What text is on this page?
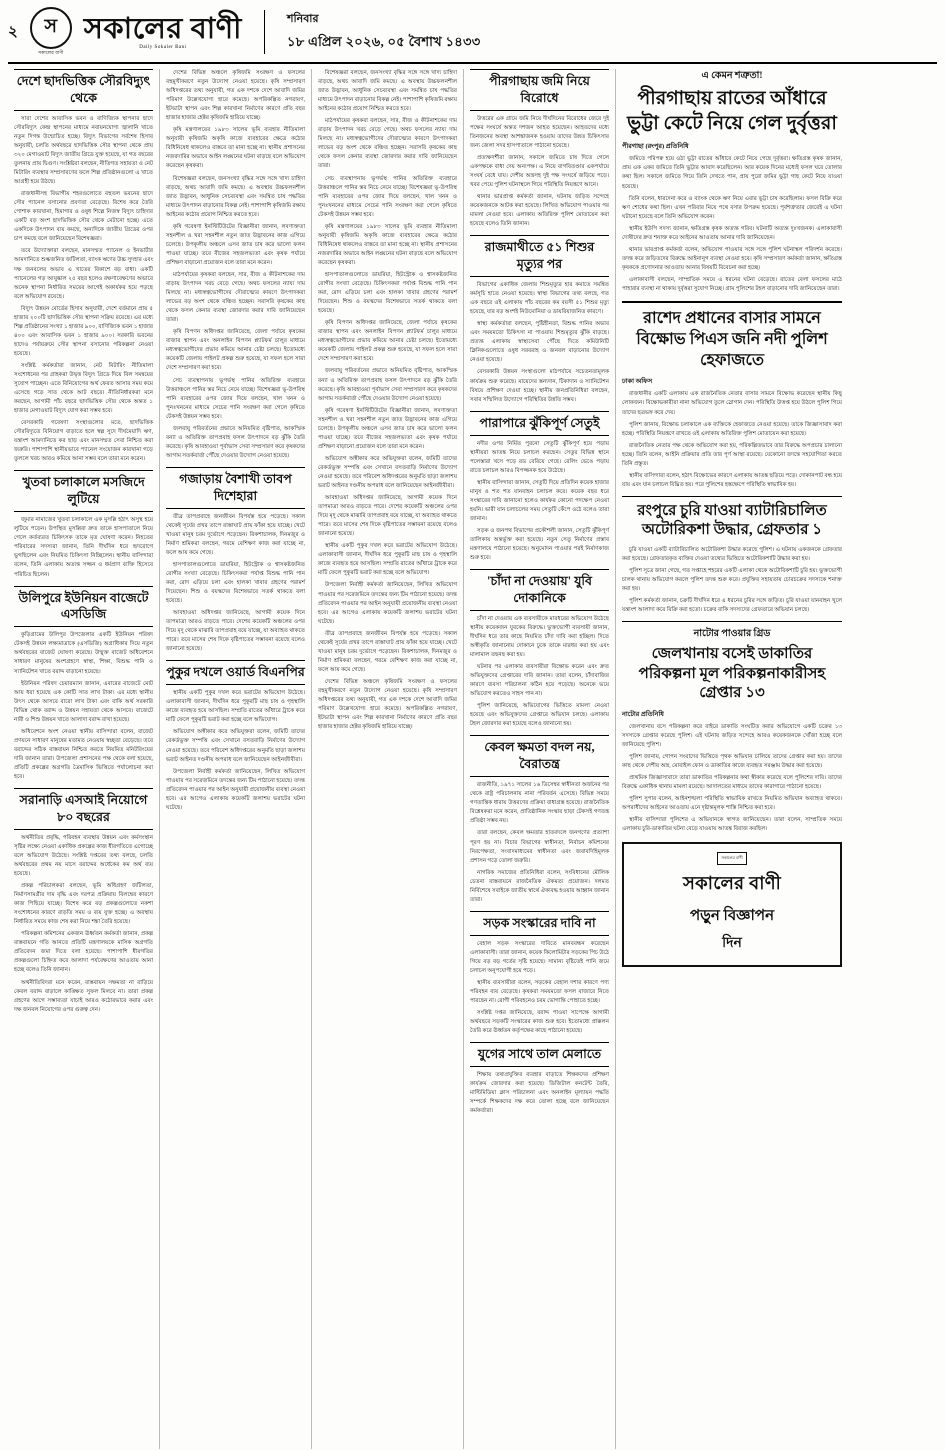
২	স
সকালের বাণী
সকালের বাণী
Daily Sokaler Bani
শনিবার
১৮ এপ্রিল ২০২৬, ০৫ বৈশাখ ১৪৩৩
দেশে ছাদভিত্তিক সৌরবিদ্যুৎ থেকে

সারা দেশের আবাসিক ভবন ও বাণিজ্যিক স্থাপনার ছাদে সৌরবিদ্যুৎ কেন্দ্র স্থাপনের মাধ্যমে নবায়নযোগ্য জ্বালানি খাতে নতুন দিগন্ত উন্মোচিত হচ্ছে। বিদ্যুৎ বিভাগের সর্বশেষ হিসাব অনুযায়ী, চলতি অর্থবছরে ছাদভিত্তিক সৌর স্থাপনা থেকে প্রায় ৩২০ মেগাওয়াট বিদ্যুৎ জাতীয় গ্রিডে যুক্ত হয়েছে, যা গত বছরের তুলনায় প্রায় দ্বিগুণ। সংশ্লিষ্টরা বলছেন, নীতিগত সহায়তা ও নেট মিটারিং ব্যবস্থার সম্প্রসারণের ফলে শিল্প প্রতিষ্ঠানগুলো এ খাতে আগ্রহী হয়ে উঠছে।

রাজধানীসহ বিভাগীয় শহরগুলোতে বহুতল ভবনের ছাদে সৌর প্যানেল বসানোর প্রবণতা বেড়েছে। বিশেষ করে তৈরি পোশাক কারখানা, হিমাগার ও ওষুধ শিল্পে নিজস্ব বিদ্যুৎ চাহিদার একটি বড় অংশ ছাদভিত্তিক সৌর থেকে মেটানো হচ্ছে। এতে একদিকে উৎপাদন ব্যয় কমছে, অন্যদিকে জাতীয় গ্রিডের ওপর চাপ কমছে বলে জানিয়েছেন বিশেষজ্ঞরা।

তবে উদ্যোক্তারা বলছেন, মানসম্মত প্যানেল ও ইনভার্টার আমদানিতে শুল্কজনিত জটিলতা, ব্যাংক ঋণের উচ্চ সুদহার এবং দক্ষ জনবলের অভাব এ খাতের বিকাশে বড় বাধা। একটি প্যানেলের গড় আয়ুষ্কাল ২৫ বছর হলেও রক্ষণাবেক্ষণের অভাবে অনেক স্থাপনা নির্ধারিত সময়ের আগেই অকার্যকর হয়ে পড়ছে বলে অভিযোগ রয়েছে।

বিদ্যুৎ উন্নয়ন বোর্ডের হিসাব অনুযায়ী, দেশে বর্তমানে প্রায় ৫ হাজার ২০০টি ছাদভিত্তিক সৌর স্থাপনা সক্রিয় রয়েছে। এর মধ্যে শিল্প প্রতিষ্ঠানের সংখ্যা ১ হাজার ৯০০, বাণিজ্যিক ভবন ১ হাজার ৪০০ এবং আবাসিক ভবন ১ হাজার ৯০০। সরকারি ভবনের ছাদেও পর্যায়ক্রমে সৌর স্থাপনা বসানোর পরিকল্পনা নেওয়া হয়েছে।

সংশ্লিষ্ট কর্মকর্তারা জানান, নেট মিটারিং নীতিমালা সংশোধনের পর গ্রাহকরা উদ্বৃত্ত বিদ্যুৎ গ্রিডে দিয়ে বিল সমন্বয়ের সুযোগ পাচ্ছেন। এতে বিনিয়োগের অর্থ ফেরত আসার সময় কমে এসেছে গড়ে সাত থেকে আট বছরে। নীতিনির্ধারকরা মনে করছেন, আগামী পাঁচ বছরে ছাদভিত্তিক সৌর থেকে অন্তত ১ হাজার মেগাওয়াট বিদ্যুৎ যোগ করা সম্ভব হবে।

বেসরকারি গবেষণা সংস্থাগুলোর মতে, ছাদভিত্তিক সৌরবিদ্যুতে বিনিয়োগ বাড়াতে হলে স্বল্প সুদে দীর্ঘমেয়াদি ঋণ, যন্ত্রাংশ আমদানিতে কর ছাড় এবং মানসম্মত সেবা নিশ্চিত করা জরুরি। পাশাপাশি স্থানীয়ভাবে প্যানেল সংযোজন কারখানা গড়ে তুললে খরচ আরও কমিয়ে আনা সম্ভব বলে তারা মনে করেন।

খুতবা চলাকালে মসজিদে লুটিয়ে

জুমার নামাজের খুতবা চলাকালে এক মুসল্লি হঠাৎ অসুস্থ হয়ে লুটিয়ে পড়েন। উপস্থিত মুসল্লিরা দ্রুত তাকে হাসপাতালে নিয়ে গেলে কর্তব্যরত চিকিৎসক তাকে মৃত ঘোষণা করেন। নিহতের পরিবারের সদস্যরা জানান, তিনি দীর্ঘদিন ধরে হৃদরোগে ভুগছিলেন এবং নিয়মিত চিকিৎসা নিচ্ছিলেন। স্থানীয় বাসিন্দারা বলেন, তিনি এলাকায় অত্যন্ত সজ্জন ও ধর্মপ্রাণ ব্যক্তি হিসেবে পরিচিত ছিলেন।

উলিপুরে ইউনিয়ন বাজেটে এসডিজি

কুড়িগ্রামের উলিপুর উপজেলার একটি ইউনিয়ন পরিষদ টেকসই উন্নয়ন লক্ষ্যমাত্রাকে (এসডিজি) অগ্রাধিকার দিয়ে নতুন অর্থবছরের বাজেট ঘোষণা করেছে। উন্মুক্ত বাজেট অধিবেশনে সাধারণ মানুষের অংশগ্রহণে স্বাস্থ্য, শিক্ষা, বিশুদ্ধ পানি ও স্যানিটেশন খাতে বরাদ্দ বাড়ানো হয়েছে।

ইউনিয়ন পরিষদ চেয়ারম্যান জানান, এবারের বাজেটে মোট আয় ধরা হয়েছে এক কোটি সাত লাখ টাকা। এর মধ্যে স্থানীয় উৎস থেকে আসবে বারো লাখ টাকা এবং বাকি অর্থ সরকারি বিভিন্ন থোক বরাদ্দ ও উন্নয়ন সহায়তা থেকে আসবে। বাজেটে নারী ও শিশু উন্নয়ন খাতে আলাদা বরাদ্দ রাখা হয়েছে।

অধিবেশনে অংশ নেওয়া স্থানীয় বাসিন্দারা বলেন, বাজেট প্রণয়নে সাধারণ মানুষের মতামত নেওয়ায় স্বচ্ছতা বেড়েছে। তবে বরাদ্দের সঠিক বাস্তবায়ন নিশ্চিত করতে নিয়মিত মনিটরিংয়ের দাবি জানান তারা। উপজেলা প্রশাসনের পক্ষ থেকে বলা হয়েছে, প্রতিটি প্রকল্পের অগ্রগতি ত্রৈমাসিক ভিত্তিতে পর্যালোচনা করা হবে।

সরানাড়ি এসআই নিয়োগে ৮০ বছরের

অর্থনীতির প্রবৃদ্ধি, পরিবহন ব্যবস্থার উন্নয়ন এবং কর্মসংস্থান সৃষ্টির লক্ষ্যে নেওয়া একাধিক প্রকল্পের কাজ ধীরগতিতে এগোচ্ছে বলে অভিযোগ উঠেছে। সংশ্লিষ্ট দপ্তরের তথ্য বলছে, চলতি অর্থবছরের প্রথম নয় মাসে বরাদ্দের অর্ধেকের কম অর্থ ব্যয় হয়েছে।

প্রকল্প পরিচালকরা বলছেন, ভূমি অধিগ্রহণ জটিলতা, নির্মাণসামগ্রীর দাম বৃদ্ধি এবং দরপত্র প্রক্রিয়ায় বিলম্বের কারণে কাজ পিছিয়ে যাচ্ছে। বিশেষ করে বড় প্রকল্পগুলোতে নকশা সংশোধনের কারণে বাড়তি সময় ও ব্যয় যুক্ত হচ্ছে। এ অবস্থায় নির্ধারিত সময়ে কাজ শেষ করা নিয়ে শঙ্কা তৈরি হয়েছে।

পরিকল্পনা কমিশনের একজন ঊর্ধ্বতন কর্মকর্তা জানান, প্রকল্প বাস্তবায়নে গতি আনতে প্রতিটি মন্ত্রণালয়কে মাসিক অগ্রগতি প্রতিবেদন জমা দিতে বলা হয়েছে। পাশাপাশি ধীরগতির প্রকল্পগুলো চিহ্নিত করে আলাদা পর্যবেক্ষণের আওতায় আনা হচ্ছে বলেও তিনি জানান।

অর্থনীতিবিদরা মনে করেন, বাস্তবায়ন সক্ষমতা না বাড়িয়ে কেবল বরাদ্দ বাড়ালে কাঙ্ক্ষিত সুফল মিলবে না। তারা প্রকল্প গ্রহণের আগে সম্ভাব্যতা যাচাই আরও কঠোরভাবে করার এবং দক্ষ জনবল নিয়োগের ওপর গুরুত্ব দেন।

দেশের বিভিন্ন অঞ্চলে কৃষিজমি সংরক্ষণ ও ফসলের বহুমুখীকরণে নতুন উদ্যোগ নেওয়া হয়েছে। কৃষি সম্প্রসারণ অধিদপ্তরের তথ্য অনুযায়ী, গত এক দশকে দেশে আবাদি জমির পরিমাণ উল্লেখযোগ্য হারে কমেছে। অপরিকল্পিত নগরায়ণ, ইটভাটা স্থাপন এবং শিল্প কারখানা নির্মাণের কারণে প্রতি বছর হাজার হাজার হেক্টর কৃষিজমি হারিয়ে যাচ্ছে।

কৃষি মন্ত্রণালয়ের ১৯৮৩ সালের ভূমি ব্যবহার নীতিমালা অনুযায়ী কৃষিজমি অকৃষি কাজে ব্যবহারের ক্ষেত্রে কঠোর বিধিনিষেধ থাকলেও বাস্তবে তা মানা হচ্ছে না। স্থানীয় প্রশাসনের নজরদারির অভাবে আইন লঙ্ঘনের ঘটনা বাড়ছে বলে অভিযোগ করেছেন কৃষকরা।

বিশেষজ্ঞরা বলছেন, জনসংখ্যা বৃদ্ধির সঙ্গে সঙ্গে খাদ্য চাহিদা বাড়ছে, অথচ আবাদি জমি কমছে। এ অবস্থায় উচ্চফলনশীল জাত উদ্ভাবন, আধুনিক সেচব্যবস্থা এবং সমন্বিত চাষ পদ্ধতির মাধ্যমে উৎপাদন বাড়ানোর বিকল্প নেই। পাশাপাশি কৃষিজমি রক্ষায় আইনের কঠোর প্রয়োগ নিশ্চিত করতে হবে।

কৃষি গবেষণা ইনস্টিটিউটের বিজ্ঞানীরা জানান, লবণাক্ততা সহনশীল ও খরা সহনশীল নতুন জাত উদ্ভাবনের কাজ এগিয়ে চলেছে। উপকূলীয় অঞ্চলে এসব জাত চাষ করে ভালো ফলন পাওয়া যাচ্ছে। তবে বীজের সহজলভ্যতা এবং কৃষক পর্যায়ে প্রশিক্ষণ বাড়ানো প্রয়োজন বলে তারা মনে করেন।

মাঠপর্যায়ের কৃষকরা বলছেন, সার, বীজ ও কীটনাশকের দাম বাড়ায় উৎপাদন খরচ বেড়ে গেছে। অথচ ফসলের ন্যায্য দাম মিলছে না। মধ্যস্বত্বভোগীদের দৌরাত্ম্যের কারণে উৎপাদকরা লাভের বড় অংশ থেকে বঞ্চিত হচ্ছেন। সরাসরি কৃষকের কাছ থেকে ফসল কেনার ব্যবস্থা জোরদার করার দাবি জানিয়েছেন তারা।

কৃষি বিপণন অধিদপ্তর জানিয়েছে, জেলা পর্যায়ে কৃষকের বাজার স্থাপন এবং অনলাইন বিপণন প্ল্যাটফর্ম চালুর মাধ্যমে মধ্যস্বত্বভোগীদের প্রভাব কমিয়ে আনার চেষ্টা চলছে। ইতোমধ্যে কয়েকটি জেলায় পাইলট প্রকল্প শুরু হয়েছে, যা সফল হলে সারা দেশে সম্প্রসারণ করা হবে।

সেচ ব্যবস্থাপনায় ভূগর্ভস্থ পানির অতিরিক্ত ব্যবহারে উত্তরাঞ্চলে পানির স্তর নিচে নেমে যাচ্ছে। বিশেষজ্ঞরা ভূ-উপরিস্থ পানি ব্যবহারের ওপর জোর দিয়ে বলছেন, খাল খনন ও পুনঃখননের মাধ্যমে সেচের পানি সংরক্ষণ করা গেলে কৃষিতে টেকসই উন্নয়ন সম্ভব হবে।

জলবায়ু পরিবর্তনের প্রভাবে অনিয়মিত বৃষ্টিপাত, আকস্মিক বন্যা ও অতিরিক্ত তাপপ্রবাহ ফসল উৎপাদনে বড় ঝুঁকি তৈরি করেছে। কৃষি আবহাওয়া পূর্বাভাস সেবা সম্প্রসারণ করে কৃষকদের আগাম সতর্কবার্তা পৌঁছে দেওয়ার উদ্যোগ নেওয়া হয়েছে।

গজাড়ায় বৈশাখী তাবপ দিশেহারা

তীব্র তাপপ্রবাহে জনজীবন বিপর্যস্ত হয়ে পড়েছে। সকাল থেকেই সূর্যের প্রখর তাপে রাস্তাঘাট প্রায় ফাঁকা হয়ে যাচ্ছে। খেটে খাওয়া মানুষ চরম দুর্ভোগে পড়েছেন। রিকশাচালক, দিনমজুর ও নির্মাণ শ্রমিকরা বলছেন, গরমে বেশিক্ষণ কাজ করা যাচ্ছে না, ফলে আয় কমে গেছে।

হাসপাতালগুলোতে ডায়রিয়া, হিটস্ট্রোক ও শ্বাসকষ্টজনিত রোগীর সংখ্যা বেড়েছে। চিকিৎসকরা পর্যাপ্ত বিশুদ্ধ পানি পান করা, রোদ এড়িয়ে চলা এবং হালকা খাবার গ্রহণের পরামর্শ দিয়েছেন। শিশু ও বয়স্কদের বিশেষভাবে সতর্ক থাকতে বলা হয়েছে।

আবহাওয়া অধিদপ্তর জানিয়েছে, আগামী কয়েক দিনে তাপমাত্রা আরও বাড়তে পারে। দেশের কয়েকটি অঞ্চলের ওপর দিয়ে মৃদু থেকে মাঝারি তাপপ্রবাহ বয়ে যাচ্ছে, যা অব্যাহত থাকতে পারে। তবে মাসের শেষ দিকে বৃষ্টিপাতের সম্ভাবনা রয়েছে বলেও জানানো হয়েছে।

পুকুর দখলে ওয়ার্ড বিএনপির

স্থানীয় একটি পুকুর দখল করে ভরাটের অভিযোগ উঠেছে। এলাকাবাসী জানান, দীর্ঘদিন ধরে পুকুরটি মাছ চাষ ও গৃহস্থালি কাজে ব্যবহৃত হয়ে আসছিল। সম্প্রতি রাতের আঁধারে ট্রাকে করে মাটি ফেলে পুকুরটি ভরাট করা হচ্ছে বলে অভিযোগ।

অভিযোগ অস্বীকার করে অভিযুক্তরা বলেন, জমিটি তাদের রেকর্ডভুক্ত সম্পত্তি এবং সেখানে বসতবাড়ি নির্মাণের উদ্যোগ নেওয়া হয়েছে। তবে পরিবেশ অধিদপ্তরের অনুমতি ছাড়া জলাশয় ভরাট আইনত দণ্ডনীয় অপরাধ বলে জানিয়েছেন আইনজীবীরা।

উপজেলা নির্বাহী কর্মকর্তা জানিয়েছেন, লিখিত অভিযোগ পাওয়ার পর সরেজমিনে তদন্তের জন্য টিম পাঠানো হয়েছে। তদন্ত প্রতিবেদন পাওয়ার পর আইন অনুযায়ী প্রয়োজনীয় ব্যবস্থা নেওয়া হবে। এর আগেও এলাকায় কয়েকটি জলাশয় ভরাটের ঘটনা ঘটেছে।

বিশেষজ্ঞরা বলছেন, জনসংখ্যা বৃদ্ধির সঙ্গে সঙ্গে খাদ্য চাহিদা বাড়ছে, অথচ আবাদি জমি কমছে। এ অবস্থায় উচ্চফলনশীল জাত উদ্ভাবন, আধুনিক সেচব্যবস্থা এবং সমন্বিত চাষ পদ্ধতির মাধ্যমে উৎপাদন বাড়ানোর বিকল্প নেই। পাশাপাশি কৃষিজমি রক্ষায় আইনের কঠোর প্রয়োগ নিশ্চিত করতে হবে।

মাঠপর্যায়ের কৃষকরা বলছেন, সার, বীজ ও কীটনাশকের দাম বাড়ায় উৎপাদন খরচ বেড়ে গেছে। অথচ ফসলের ন্যায্য দাম মিলছে না। মধ্যস্বত্বভোগীদের দৌরাত্ম্যের কারণে উৎপাদকরা লাভের বড় অংশ থেকে বঞ্চিত হচ্ছেন। সরাসরি কৃষকের কাছ থেকে ফসল কেনার ব্যবস্থা জোরদার করার দাবি জানিয়েছেন তারা।

সেচ ব্যবস্থাপনায় ভূগর্ভস্থ পানির অতিরিক্ত ব্যবহারে উত্তরাঞ্চলে পানির স্তর নিচে নেমে যাচ্ছে। বিশেষজ্ঞরা ভূ-উপরিস্থ পানি ব্যবহারের ওপর জোর দিয়ে বলছেন, খাল খনন ও পুনঃখননের মাধ্যমে সেচের পানি সংরক্ষণ করা গেলে কৃষিতে টেকসই উন্নয়ন সম্ভব হবে।

কৃষি মন্ত্রণালয়ের ১৯৮৩ সালের ভূমি ব্যবহার নীতিমালা অনুযায়ী কৃষিজমি অকৃষি কাজে ব্যবহারের ক্ষেত্রে কঠোর বিধিনিষেধ থাকলেও বাস্তবে তা মানা হচ্ছে না। স্থানীয় প্রশাসনের নজরদারির অভাবে আইন লঙ্ঘনের ঘটনা বাড়ছে বলে অভিযোগ করেছেন কৃষকরা।

হাসপাতালগুলোতে ডায়রিয়া, হিটস্ট্রোক ও শ্বাসকষ্টজনিত রোগীর সংখ্যা বেড়েছে। চিকিৎসকরা পর্যাপ্ত বিশুদ্ধ পানি পান করা, রোদ এড়িয়ে চলা এবং হালকা খাবার গ্রহণের পরামর্শ দিয়েছেন। শিশু ও বয়স্কদের বিশেষভাবে সতর্ক থাকতে বলা হয়েছে।

কৃষি বিপণন অধিদপ্তর জানিয়েছে, জেলা পর্যায়ে কৃষকের বাজার স্থাপন এবং অনলাইন বিপণন প্ল্যাটফর্ম চালুর মাধ্যমে মধ্যস্বত্বভোগীদের প্রভাব কমিয়ে আনার চেষ্টা চলছে। ইতোমধ্যে কয়েকটি জেলায় পাইলট প্রকল্প শুরু হয়েছে, যা সফল হলে সারা দেশে সম্প্রসারণ করা হবে।

জলবায়ু পরিবর্তনের প্রভাবে অনিয়মিত বৃষ্টিপাত, আকস্মিক বন্যা ও অতিরিক্ত তাপপ্রবাহ ফসল উৎপাদনে বড় ঝুঁকি তৈরি করেছে। কৃষি আবহাওয়া পূর্বাভাস সেবা সম্প্রসারণ করে কৃষকদের আগাম সতর্কবার্তা পৌঁছে দেওয়ার উদ্যোগ নেওয়া হয়েছে।

কৃষি গবেষণা ইনস্টিটিউটের বিজ্ঞানীরা জানান, লবণাক্ততা সহনশীল ও খরা সহনশীল নতুন জাত উদ্ভাবনের কাজ এগিয়ে চলেছে। উপকূলীয় অঞ্চলে এসব জাত চাষ করে ভালো ফলন পাওয়া যাচ্ছে। তবে বীজের সহজলভ্যতা এবং কৃষক পর্যায়ে প্রশিক্ষণ বাড়ানো প্রয়োজন বলে তারা মনে করেন।

অভিযোগ অস্বীকার করে অভিযুক্তরা বলেন, জমিটি তাদের রেকর্ডভুক্ত সম্পত্তি এবং সেখানে বসতবাড়ি নির্মাণের উদ্যোগ নেওয়া হয়েছে। তবে পরিবেশ অধিদপ্তরের অনুমতি ছাড়া জলাশয় ভরাট আইনত দণ্ডনীয় অপরাধ বলে জানিয়েছেন আইনজীবীরা।

আবহাওয়া অধিদপ্তর জানিয়েছে, আগামী কয়েক দিনে তাপমাত্রা আরও বাড়তে পারে। দেশের কয়েকটি অঞ্চলের ওপর দিয়ে মৃদু থেকে মাঝারি তাপপ্রবাহ বয়ে যাচ্ছে, যা অব্যাহত থাকতে পারে। তবে মাসের শেষ দিকে বৃষ্টিপাতের সম্ভাবনা রয়েছে বলেও জানানো হয়েছে।

স্থানীয় একটি পুকুর দখল করে ভরাটের অভিযোগ উঠেছে। এলাকাবাসী জানান, দীর্ঘদিন ধরে পুকুরটি মাছ চাষ ও গৃহস্থালি কাজে ব্যবহৃত হয়ে আসছিল। সম্প্রতি রাতের আঁধারে ট্রাকে করে মাটি ফেলে পুকুরটি ভরাট করা হচ্ছে বলে অভিযোগ।

উপজেলা নির্বাহী কর্মকর্তা জানিয়েছেন, লিখিত অভিযোগ পাওয়ার পর সরেজমিনে তদন্তের জন্য টিম পাঠানো হয়েছে। তদন্ত প্রতিবেদন পাওয়ার পর আইন অনুযায়ী প্রয়োজনীয় ব্যবস্থা নেওয়া হবে। এর আগেও এলাকায় কয়েকটি জলাশয় ভরাটের ঘটনা ঘটেছে।

তীব্র তাপপ্রবাহে জনজীবন বিপর্যস্ত হয়ে পড়েছে। সকাল থেকেই সূর্যের প্রখর তাপে রাস্তাঘাট প্রায় ফাঁকা হয়ে যাচ্ছে। খেটে খাওয়া মানুষ চরম দুর্ভোগে পড়েছেন। রিকশাচালক, দিনমজুর ও নির্মাণ শ্রমিকরা বলছেন, গরমে বেশিক্ষণ কাজ করা যাচ্ছে না, ফলে আয় কমে গেছে।

দেশের বিভিন্ন অঞ্চলে কৃষিজমি সংরক্ষণ ও ফসলের বহুমুখীকরণে নতুন উদ্যোগ নেওয়া হয়েছে। কৃষি সম্প্রসারণ অধিদপ্তরের তথ্য অনুযায়ী, গত এক দশকে দেশে আবাদি জমির পরিমাণ উল্লেখযোগ্য হারে কমেছে। অপরিকল্পিত নগরায়ণ, ইটভাটা স্থাপন এবং শিল্প কারখানা নির্মাণের কারণে প্রতি বছর হাজার হাজার হেক্টর কৃষিজমি হারিয়ে যাচ্ছে।

পীরগাছায় জমি নিয়ে বিরোধে

উত্তরের এক গ্রামে জমি নিয়ে দীর্ঘদিনের বিরোধের জেরে দুই পক্ষের সংঘর্ষে অন্তত দশজন আহত হয়েছেন। আহতদের মধ্যে তিনজনের অবস্থা আশঙ্কাজনক হওয়ায় তাদের উন্নত চিকিৎসার জন্য জেলা সদর হাসপাতালে পাঠানো হয়েছে।

প্রত্যক্ষদর্শীরা জানান, সকালে জমিতে চাষ দিতে গেলে একপক্ষকে বাধা দেয় অন্যপক্ষ। এ নিয়ে বাগবিতণ্ডার একপর্যায়ে সংঘর্ষ বেধে যায়। দেশীয় অস্ত্রসহ দুই পক্ষ সংঘর্ষে জড়িয়ে পড়ে। খবর পেয়ে পুলিশ ঘটনাস্থলে গিয়ে পরিস্থিতি নিয়ন্ত্রণে আনে।

থানার ভারপ্রাপ্ত কর্মকর্তা জানান, ঘটনায় জড়িত সন্দেহে কয়েকজনকে আটক করা হয়েছে। লিখিত অভিযোগ পাওয়ার পর মামলা নেওয়া হবে। এলাকায় অতিরিক্ত পুলিশ মোতায়েন করা হয়েছে বলেও তিনি জানান।

রাজমাথীতে ৫১ শিশুর মৃত্যুর পর

বিভাগের একাধিক জেলায় শিশুমৃত্যুর হার কমাতে সমন্বিত কর্মসূচি হাতে নেওয়া হয়েছে। স্বাস্থ্য বিভাগের তথ্য বলছে, গত এক বছরে ওই এলাকায় পাঁচ বছরের কম বয়সী ৫১ শিশুর মৃত্যু হয়েছে, যার বড় অংশই নিউমোনিয়া ও ডায়রিয়াজনিত কারণে।

স্বাস্থ্য কর্মকর্তারা বলছেন, পুষ্টিহীনতা, বিশুদ্ধ পানির অভাব এবং সময়মতো চিকিৎসা না পাওয়ায় শিশুমৃত্যুর ঝুঁকি বাড়ছে। প্রত্যন্ত এলাকায় স্বাস্থ্যসেবা পৌঁছে দিতে কমিউনিটি ক্লিনিকগুলোতে ওষুধ সরবরাহ ও জনবল বাড়ানোর উদ্যোগ নেওয়া হয়েছে।

বেসরকারি উন্নয়ন সংস্থাগুলো মাঠপর্যায়ে সচেতনতামূলক কার্যক্রম শুরু করেছে। মায়েদের স্তন্যদান, টিকাদান ও স্যানিটেশন বিষয়ে প্রশিক্ষণ দেওয়া হচ্ছে। স্থানীয় জনপ্রতিনিধিরা বলছেন, সবার সম্মিলিত উদ্যোগে পরিস্থিতির উন্নতি সম্ভব।

পারাপারে ঝুঁকিপূর্ণ সেতুই

নদীর ওপর নির্মিত পুরনো সেতুটি ঝুঁকিপূর্ণ হয়ে পড়ায় স্থানীয়রা আতঙ্ক নিয়ে চলাচল করছেন। সেতুর বিভিন্ন স্থানে পলেস্তারা খসে পড়ে রড বেরিয়ে গেছে। রেলিং ভেঙে পড়ায় রাতে চলাচল আরও বিপজ্জনক হয়ে উঠেছে।

স্থানীয় বাসিন্দারা জানান, সেতুটি দিয়ে প্রতিদিন কয়েক হাজার মানুষ ও শত শত যানবাহন চলাচল করে। কয়েক বছর ধরে সংস্কারের দাবি জানানো হলেও কার্যকর কোনো পদক্ষেপ নেওয়া হয়নি। ভারী যান চলাচলের সময় সেতুটি কেঁপে ওঠে বলেও তারা জানান।

সড়ক ও জনপথ বিভাগের প্রকৌশলী জানান, সেতুটি ঝুঁকিপূর্ণ তালিকায় অন্তর্ভুক্ত করা হয়েছে। নতুন সেতু নির্মাণের প্রস্তাব মন্ত্রণালয়ে পাঠানো হয়েছে। অনুমোদন পাওয়ার পরই নির্মাণকাজ শুরু হবে।

'চাঁদা না দেওয়ায়' যুবি দোকানিকে

চাঁদা না দেওয়ায় এক ব্যবসায়ীকে মারধরের অভিযোগ উঠেছে স্থানীয় কয়েকজন যুবকের বিরুদ্ধে। ভুক্তভোগী ব্যবসায়ী জানান, দীর্ঘদিন ধরে তার কাছে নিয়মিত চাঁদা দাবি করা হচ্ছিল। দিতে অস্বীকৃতি জানানোয় দোকানে ঢুকে তাকে মারধর করা হয় এবং মালামাল তছনছ করা হয়।

ঘটনার পর এলাকার ব্যবসায়ীরা বিক্ষোভ করেন এবং দ্রুত অভিযুক্তদের গ্রেপ্তারের দাবি জানান। তারা বলেন, চাঁদাবাজির কারণে ব্যবসা পরিচালনা কঠিন হয়ে পড়েছে। অনেকে ভয়ে অভিযোগ করতেও সাহস পান না।

পুলিশ জানিয়েছে, অভিযোগের ভিত্তিতে মামলা নেওয়া হয়েছে এবং অভিযুক্তদের গ্রেপ্তারে অভিযান চলছে। এলাকায় টহল জোরদার করা হয়েছে বলেও জানানো হয়।

কেবল ক্ষমতা বদল নয়, বৈরাতন্ত্র

রাজনীতি, ১৯৭১ সালের ১৬ ডিসেম্বর স্বাধীনতা অর্জনের পর থেকে রাষ্ট্র পরিচালনায় নানা পরিবর্তন এসেছে। বিভিন্ন সময়ে গণতান্ত্রিক ধারায় উত্তরণের প্রক্রিয়া বাধাগ্রস্ত হয়েছে। রাজনৈতিক বিশ্লেষকরা মনে করেন, প্রাতিষ্ঠানিক সংস্কার ছাড়া টেকসই গণতন্ত্র প্রতিষ্ঠা সম্ভব নয়।

তারা বলছেন, কেবল ক্ষমতার হাতবদলে জনগণের প্রত্যাশা পূরণ হয় না। বিচার বিভাগের স্বাধীনতা, নির্বাচন কমিশনের নিরপেক্ষতা, সংবাদমাধ্যমের স্বাধীনতা এবং জবাবদিহিমূলক প্রশাসন গড়ে তোলা জরুরি।

নাগরিক সমাজের প্রতিনিধিরা বলেন, সংবিধানের মৌলিক চেতনা বাস্তবায়নে রাজনৈতিক ঐকমত্য প্রয়োজন। দলমত নির্বিশেষে সবাইকে জাতীয় স্বার্থে ঐক্যবদ্ধ হওয়ার আহ্বান জানান তারা।

সড়ক সংস্কারের দাবি না

বেহাল সড়ক সংস্কারের দাবিতে মানববন্ধন করেছেন এলাকাবাসী। তারা জানান, কয়েক কিলোমিটার সড়কের পিচ উঠে গিয়ে বড় বড় গর্তের সৃষ্টি হয়েছে। সামান্য বৃষ্টিতেই পানি জমে চলাচল অনুপযোগী হয়ে পড়ে।

স্থানীয় ব্যবসায়ীরা বলেন, সড়কের বেহাল দশার কারণে পণ্য পরিবহন ব্যয় বেড়েছে। কৃষকরা সময়মতো ফসল বাজারে নিতে পারছেন না। রোগী পরিবহনেও চরম ভোগান্তি পোহাতে হচ্ছে।

সংশ্লিষ্ট দপ্তর জানিয়েছে, বরাদ্দ পাওয়া সাপেক্ষে আগামী অর্থবছরে সড়কটি সংস্কারের কাজ শুরু হবে। ইতোমধ্যে প্রাক্কলন তৈরি করে ঊর্ধ্বতন কর্তৃপক্ষের কাছে পাঠানো হয়েছে।

যুগের সাথে তাল মেলাতে

শিক্ষায় তথ্যপ্রযুক্তির ব্যবহার বাড়াতে শিক্ষকদের প্রশিক্ষণ কার্যক্রম জোরদার করা হয়েছে। ডিজিটাল কনটেন্ট তৈরি, মাল্টিমিডিয়া ক্লাস পরিচালনা এবং অনলাইন মূল্যায়ন পদ্ধতি সম্পর্কে শিক্ষকদের দক্ষ করে তোলা হচ্ছে বলে জানিয়েছেন কর্মকর্তারা।

এ কেমন শত্রুতা!
পীরগাছায় রাতের আঁধারে ভুট্টা কেটে নিয়ে গেল দুর্বৃত্তরা
পীরগাছা (রংপুর) প্রতিনিধি

জমিতে পরিপক্ব হয়ে ওঠা ভুট্টা রাতের আঁধারে কেটে নিয়ে গেছে দুর্বৃত্তরা। ক্ষতিগ্রস্ত কৃষক জানান, প্রায় এক একর জমিতে তিনি ভুট্টার আবাদ করেছিলেন। আর কয়েক দিনের মধ্যেই ফসল ঘরে তোলার কথা ছিল। সকালে জমিতে গিয়ে তিনি দেখতে পান, প্রায় পুরো জমির ভুট্টা গাছ কেটে নিয়ে যাওয়া হয়েছে।

তিনি বলেন, ধারদেনা করে ও ব্যাংক থেকে ঋণ নিয়ে এবার ভুট্টা চাষ করেছিলাম। ফসল বিক্রি করে ঋণ শোধের কথা ছিল। এখন পরিবার নিয়ে পথে বসার উপক্রম হয়েছে। পূর্বশত্রুতার জেরেই এ ঘটনা ঘটানো হয়েছে বলে তিনি অভিযোগ করেন।

স্থানীয় ইউপি সদস্য জানান, ক্ষতিগ্রস্ত কৃষক অত্যন্ত গরিব। ঘটনাটি অত্যন্ত দুঃখজনক। এলাকাবাসী দোষীদের দ্রুত শনাক্ত করে আইনের আওতায় আনার দাবি জানিয়েছেন।

থানার ভারপ্রাপ্ত কর্মকর্তা বলেন, অভিযোগ পাওয়ার সঙ্গে সঙ্গে পুলিশ ঘটনাস্থল পরিদর্শন করেছে। তদন্ত করে জড়িতদের বিরুদ্ধে আইনানুগ ব্যবস্থা নেওয়া হবে। কৃষি সম্প্রসারণ কর্মকর্তা জানান, ক্ষতিগ্রস্ত কৃষককে প্রণোদনার আওতায় আনার বিষয়টি বিবেচনা করা হচ্ছে।

এলাকাবাসী বলছেন, সাম্প্রতিক সময়ে এ ধরনের ঘটনা বেড়েছে। রাতের বেলা ফসলের মাঠে পাহারার ব্যবস্থা না থাকায় দুর্বৃত্তরা সুযোগ নিচ্ছে। গ্রাম পুলিশের টহল বাড়ানোর দাবি জানিয়েছেন তারা।

রাশেদ প্রধানের বাসার সামনে বিক্ষোভ পিএস জনি নদী পুলিশ হেফাজতে
ঢাকা অফিস

রাজধানীর একটি এলাকায় এক রাজনৈতিক নেতার বাসার সামনে বিক্ষোভ করেছেন স্থানীয় কিছু লোকজন। বিক্ষোভকারীরা নানা অভিযোগ তুলে স্লোগান দেন। পরিস্থিতি উত্তপ্ত হয়ে উঠলে পুলিশ গিয়ে তাদের ছত্রভঙ্গ করে দেয়।

পুলিশ জানায়, বিক্ষোভ চলাকালে এক ব্যক্তিকে হেফাজতে নেওয়া হয়েছে। তাকে জিজ্ঞাসাবাদ করা হচ্ছে। পরিস্থিতি নিয়ন্ত্রণে রাখতে ওই এলাকায় অতিরিক্ত পুলিশ মোতায়েন করা হয়েছে।

রাজনৈতিক নেতার পক্ষ থেকে অভিযোগ করা হয়, পরিকল্পিতভাবে তার বিরুদ্ধে অপপ্রচার চালানো হচ্ছে। তিনি বলেন, আইনি প্রক্রিয়ার প্রতি তার পূর্ণ আস্থা রয়েছে। যেকোনো তদন্তে সহযোগিতা করতে তিনি প্রস্তুত।

স্থানীয় বাসিন্দারা বলেন, হঠাৎ বিক্ষোভের কারণে এলাকায় আতঙ্ক ছড়িয়ে পড়ে। দোকানপাট বন্ধ হয়ে যায় এবং যান চলাচল বিঘ্নিত হয়। পরে পুলিশের হস্তক্ষেপে পরিস্থিতি স্বাভাবিক হয়।

রংপুরে চুরি যাওয়া ব্যাটারিচালিত অটোরিকশা উদ্ধার, গ্রেফতার ১

চুরি যাওয়া একটি ব্যাটারিচালিত অটোরিকশা উদ্ধার করেছে পুলিশ। এ ঘটনায় একজনকে গ্রেফতার করা হয়েছে। গ্রেফতারকৃত ব্যক্তির দেওয়া তথ্যের ভিত্তিতে অটোরিকশাটি উদ্ধার করা হয়।

পুলিশ সূত্রে জানা গেছে, গত সপ্তাহে শহরের একটি এলাকা থেকে অটোরিকশাটি চুরি হয়। ভুক্তভোগী চালক থানায় অভিযোগ করলে পুলিশ তদন্ত শুরু করে। প্রযুক্তির সহায়তায় চোরচক্রের সদস্যকে শনাক্ত করা হয়।

পুলিশ কর্মকর্তা জানান, চক্রটি দীর্ঘদিন ধরে এ ধরনের চুরির সঙ্গে জড়িত। চুরি যাওয়া যানবাহন খুলে যন্ত্রাংশ আলাদা করে বিক্রি করা হতো। চক্রের বাকি সদস্যদের গ্রেফতারে অভিযান চলছে।

নাটোর পাওয়ার গ্রিড
জেলখানায় বসেই ডাকাতির পরিকল্পনা মূল পরিকল্পনাকারীসহ গ্রেপ্তার ১৩
নাটোর প্রতিনিধি

জেলখানায় বসে পরিকল্পনা করে বাইরে ডাকাতি সংঘটিত করার অভিযোগে একটি চক্রের ১৩ সদস্যকে গ্রেপ্তার করেছে পুলিশ। এই ঘটনায় জড়িত সন্দেহে আরও কয়েকজনকে খোঁজা হচ্ছে বলে জানিয়েছে পুলিশ।

পুলিশ জানায়, গোপন সংবাদের ভিত্তিতে পৃথক অভিযান চালিয়ে তাদের গ্রেপ্তার করা হয়। তাদের কাছ থেকে দেশীয় অস্ত্র, মোবাইল ফোন ও ডাকাতির কাজে ব্যবহৃত সরঞ্জাম উদ্ধার করা হয়েছে।

প্রাথমিক জিজ্ঞাসাবাদে তারা ডাকাতির পরিকল্পনার কথা স্বীকার করেছে বলে পুলিশের দাবি। তাদের বিরুদ্ধে একাধিক থানায় মামলা রয়েছে। আদালতের মাধ্যমে তাদের কারাগারে পাঠানো হয়েছে।

পুলিশ সুপার বলেন, আইনশৃঙ্খলা পরিস্থিতি স্বাভাবিক রাখতে নিয়মিত অভিযান অব্যাহত থাকবে। অপরাধীদের আইনের আওতায় এনে দৃষ্টান্তমূলক শাস্তি নিশ্চিত করা হবে।

স্থানীয় বাসিন্দারা পুলিশের এ অভিযানকে স্বাগত জানিয়েছেন। তারা বলেন, সাম্প্রতিক সময়ে এলাকায় চুরি-ডাকাতির ঘটনা বেড়ে যাওয়ায় আতঙ্ক বিরাজ করছিল।

সকালের বাণী
সকালের বাণী
পড়ুন বিজ্ঞাপন
দিন
